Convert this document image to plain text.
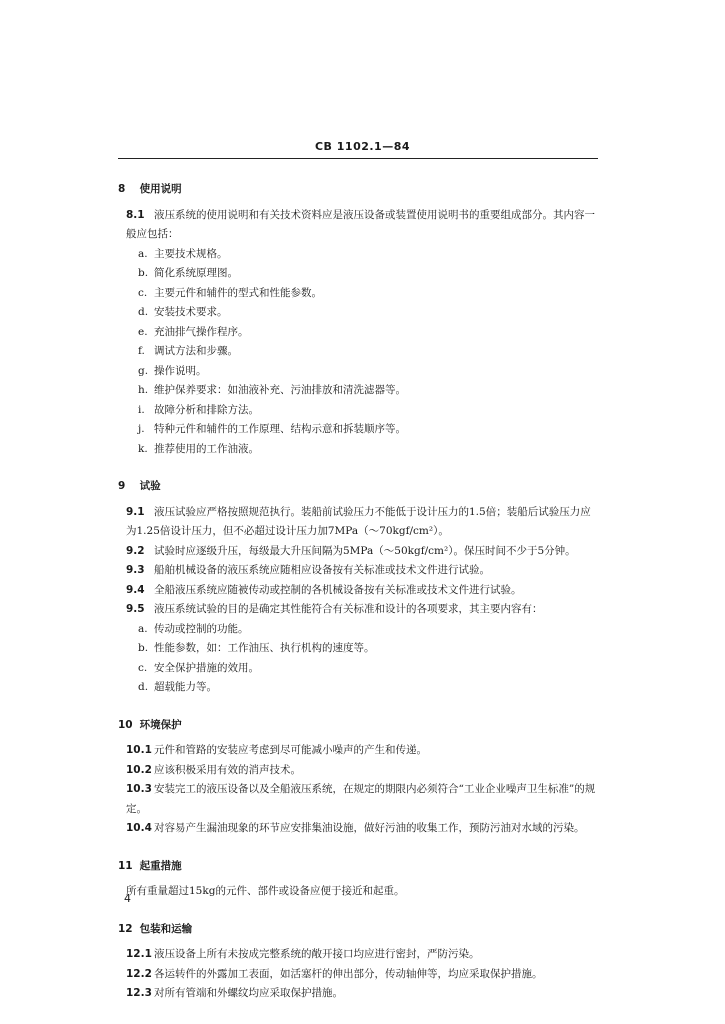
CB 1102.1—84
8 使用说明

8.1 液压系统的使用说明和有关技术资料应是液压设备或装置使用说明书的重要组成部分。其内容一般应包括：

a. 主要技术规格。

b. 简化系统原理图。

c. 主要元件和辅件的型式和性能参数。

d. 安装技术要求。

e. 充油排气操作程序。

f. 调试方法和步骤。

g. 操作说明。

h. 维护保养要求：如油液补充、污油排放和清洗滤器等。

i. 故障分析和排除方法。

j. 特种元件和辅件的工作原理、结构示意和拆装顺序等。

k. 推荐使用的工作油液。

9 试验

9.1 液压试验应严格按照规范执行。装船前试验压力不能低于设计压力的1.5倍；装船后试验压力应为1.25倍设计压力，但不必超过设计压力加7MPa（～70kgf/cm²）。

9.2 试验时应逐级升压，每级最大升压间隔为5MPa（～50kgf/cm²）。保压时间不少于5分钟。

9.3 船舶机械设备的液压系统应随相应设备按有关标准或技术文件进行试验。

9.4 全船液压系统应随被传动或控制的各机械设备按有关标准或技术文件进行试验。

9.5 液压系统试验的目的是确定其性能符合有关标准和设计的各项要求，其主要内容有：

a. 传动或控制的功能。

b. 性能参数，如：工作油压、执行机构的速度等。

c. 安全保护措施的效用。

d. 超载能力等。

10 环境保护

10.1 元件和管路的安装应考虑到尽可能减小噪声的产生和传递。

10.2 应该积极采用有效的消声技术。

10.3 安装完工的液压设备以及全船液压系统，在规定的期限内必须符合“工业企业噪声卫生标准”的规定。

10.4 对容易产生漏油现象的环节应安排集油设施，做好污油的收集工作，预防污油对水域的污染。

11 起重措施

所有重量超过15kg的元件、部件或设备应便于接近和起重。

12 包装和运输

12.1 液压设备上所有未按成完整系统的敞开接口均应进行密封，严防污染。

12.2 各运转件的外露加工表面，如活塞杆的伸出部分，传动轴伸等，均应采取保护措施。

12.3 对所有管端和外螺纹均应采取保护措施。

4
